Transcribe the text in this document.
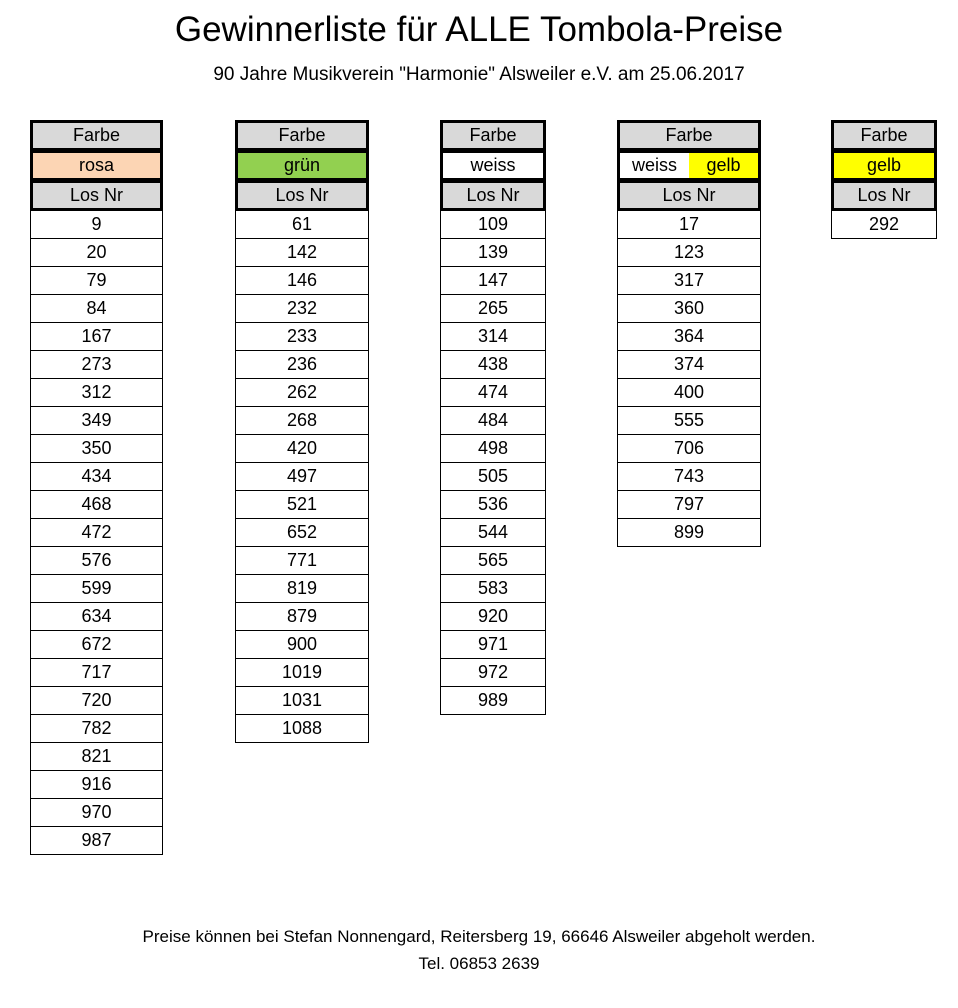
Gewinnerliste für ALLE Tombola-Preise

90 Jahre Musikverein "Harmonie" Alsweiler e.V. am 25.06.2017

Farbe
rosa
Los Nr
9
20
79
84
167
273
312
349
350
434
468
472
576
599
634
672
717
720
782
821
916
970
987
Farbe
grün
Los Nr
61
142
146
232
233
236
262
268
420
497
521
652
771
819
879
900
1019
1031
1088
Farbe
weiss
Los Nr
109
139
147
265
314
438
474
484
498
505
536
544
565
583
920
971
972
989
Farbe
weiss	gelb
Los Nr
17
123
317
360
364
374
400
555
706
743
797
899
Farbe
gelb
Los Nr
292

Preise können bei Stefan Nonnengard, Reitersberg 19, 66646 Alsweiler abgeholt werden.

Tel. 06853 2639
